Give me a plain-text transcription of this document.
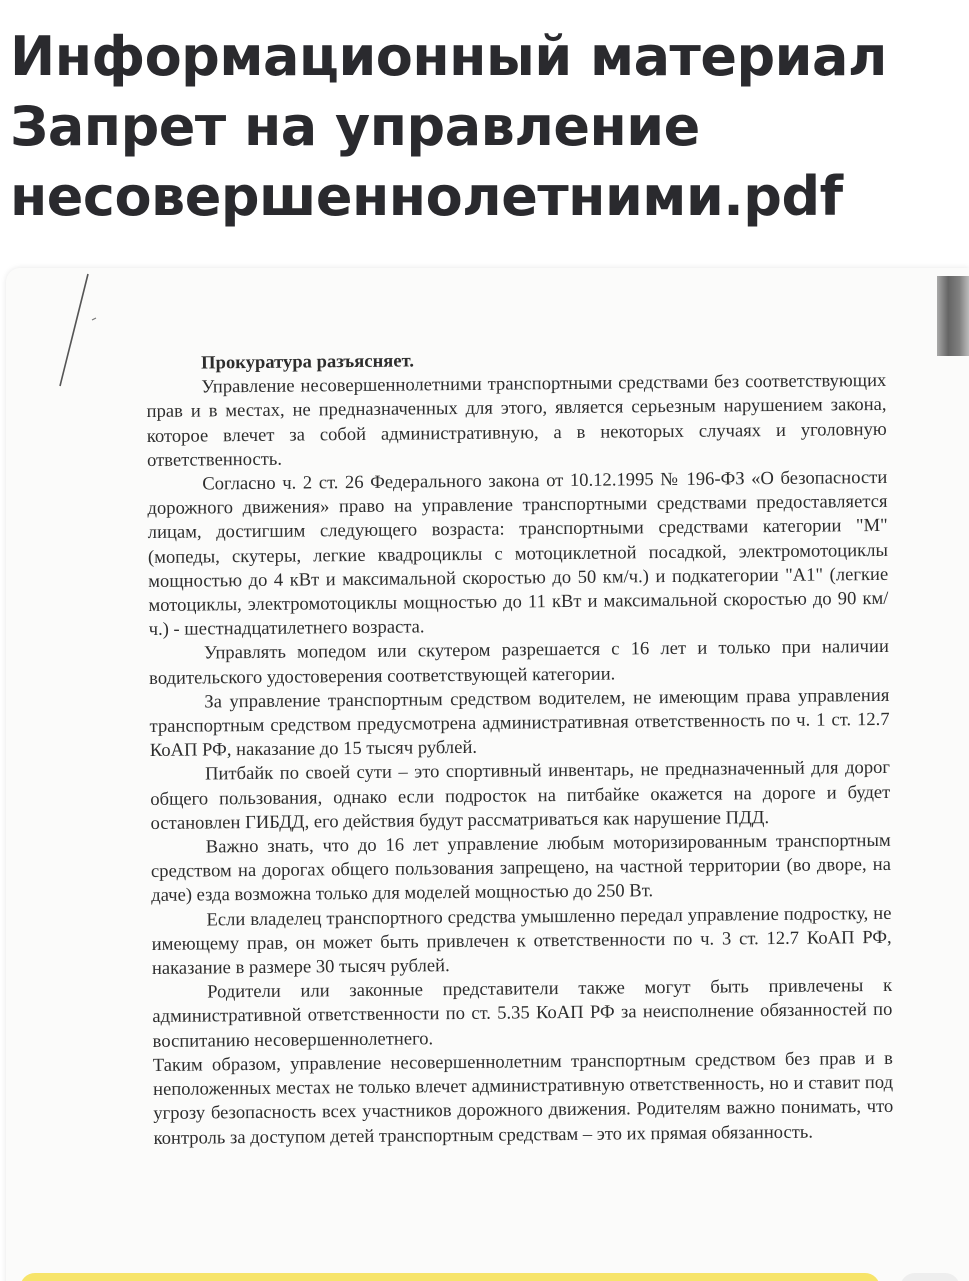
Информационный материал
Запрет на управление
несовершеннолетними.pdf

Прокуратура разъясняет.

Управление несовершеннолетними транспортными средствами без соответствующих прав и в местах, не предназначенных для этого, является серьезным нарушением закона, которое влечет за собой административную, а в некоторых случаях и уголовную ответственность.

Согласно ч. 2 ст. 26 Федерального закона от 10.12.1995 № 196-ФЗ «О безопасности дорожного движения» право на управление транспортными средствами предоставляется лицам, достигшим следующего возраста: транспортными средствами категории "М" (мопеды, скутеры, легкие квадроциклы с мотоциклетной посадкой, электромотоциклы мощностью до 4 кВт и максимальной скоростью до 50 км/ч.) и подкатегории "А1" (легкие мотоциклы, электромотоциклы мощностью до 11 кВт и максимальной скоростью до 90 км/ч.) - шестнадцатилетнего возраста.

Управлять мопедом или скутером разрешается с 16 лет и только при наличии водительского удостоверения соответствующей категории.

За управление транспортным средством водителем, не имеющим права управления транспортным средством предусмотрена административная ответственность по ч. 1 ст. 12.7 КоАП РФ, наказание до 15 тысяч рублей.

Питбайк по своей сути – это спортивный инвентарь, не предназначенный для дорог общего пользования, однако если подросток на питбайке окажется на дороге и будет остановлен ГИБДД, его действия будут рассматриваться как нарушение ПДД.

Важно знать, что до 16 лет управление любым моторизированным транспортным средством на дорогах общего пользования запрещено, на частной территории (во дворе, на даче) езда возможна только для моделей мощностью до 250 Вт.

Если владелец транспортного средства умышленно передал управление подростку, не имеющему прав, он может быть привлечен к ответственности по ч. 3 ст. 12.7 КоАП РФ, наказание в размере 30 тысяч рублей.

Родители или законные представители также могут быть привлечены к административной ответственности по ст. 5.35 КоАП РФ за неисполнение обязанностей по воспитанию несовершеннолетнего.

Таким образом, управление несовершеннолетним транспортным средством без прав и в неположенных местах не только влечет административную ответственность, но и ставит под угрозу безопасность всех участников дорожного движения. Родителям важно понимать, что контроль за доступом детей транспортным средствам – это их прямая обязанность.
